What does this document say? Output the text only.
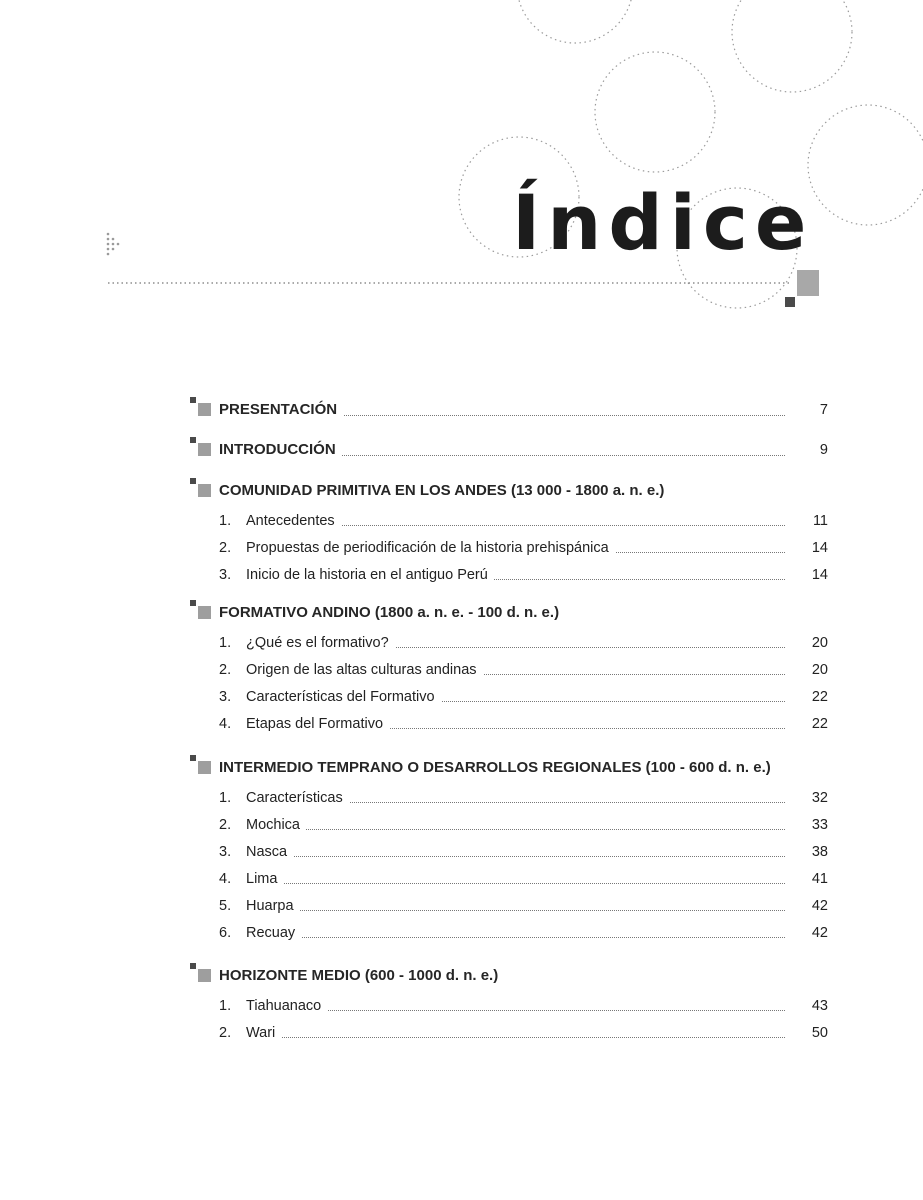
Índice
PRESENTACIÓN	7
INTRODUCCIÓN	9
COMUNIDAD PRIMITIVA EN LOS ANDES (13 000 - 1800 a. n. e.)
1. Antecedentes	11
2. Propuestas de periodificación de la historia prehispánica	14
3. Inicio de la historia en el antiguo Perú	14
FORMATIVO ANDINO (1800 a. n. e. - 100 d. n. e.)
1. ¿Qué es el formativo?	20
2. Origen de las altas culturas andinas	20
3. Características del Formativo	22
4. Etapas del Formativo	22
INTERMEDIO TEMPRANO O DESARROLLOS REGIONALES (100 - 600 d. n. e.)
1. Características	32
2. Mochica	33
3. Nasca	38
4. Lima	41
5. Huarpa	42
6. Recuay	42
HORIZONTE MEDIO (600 - 1000 d. n. e.)
1. Tiahuanaco	43
2. Wari	50
